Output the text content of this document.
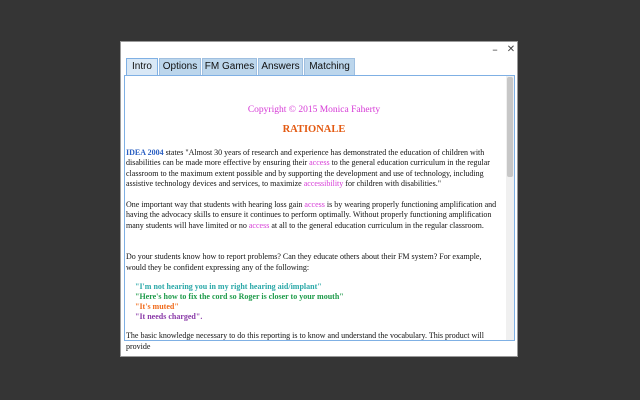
– ✕
Intro	Options FM Games Answers Matching

Copyright © 2015 Monica Faherty

RATIONALE

IDEA 2004 states "Almost 30 years of research and experience has demonstrated the education of children with disabilities can be made more effective by ensuring their access to the general education curriculum in the regular classroom to the maximum extent possible and by supporting the development and use of technology, including assistive technology devices and services, to maximize accessibility for children with disabilities."

One important way that students with hearing loss gain access is by wearing properly functioning amplification and having the advocacy skills to ensure it continues to perform optimally. Without properly functioning amplification many students will have limited or no access at all to the general education curriculum in the regular classroom.

Do your students know how to report problems? Can they educate others about their FM system? For example, would they be confident expressing any of the following:

"I'm not hearing you in my right hearing aid/implant"
"Here's how to fix the cord so Roger is closer to your mouth"
"It's muted"
"It needs charged".

The basic knowledge necessary to do this reporting is to know and understand the vocabulary. This product will provide
